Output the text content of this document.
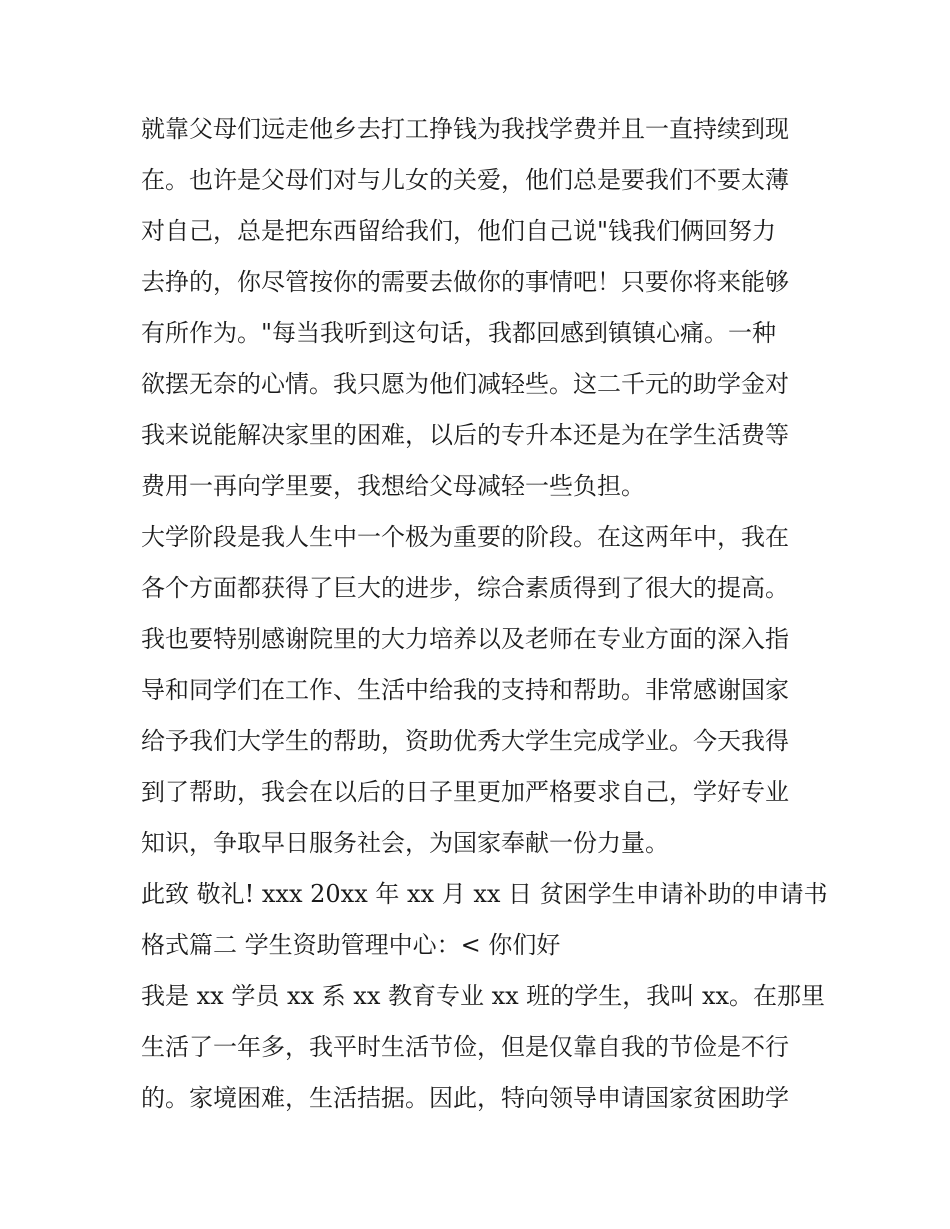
就靠父母们远走他乡去打工挣钱为我找学费并且一直持续到现
在。也许是父母们对与儿女的关爱，他们总是要我们不要太薄
对自己，总是把东西留给我们，他们自己说"钱我们俩回努力
去挣的，你尽管按你的需要去做你的事情吧！只要你将来能够
有所作为。"每当我听到这句话，我都回感到镇镇心痛。一种
欲摆无奈的心情。我只愿为他们减轻些。这二千元的助学金对
我来说能解决家里的困难，以后的专升本还是为在学生活费等
费用一再向学里要，我想给父母减轻一些负担。
大学阶段是我人生中一个极为重要的阶段。在这两年中，我在
各个方面都获得了巨大的进步，综合素质得到了很大的提高。
我也要特别感谢院里的大力培养以及老师在专业方面的深入指
导和同学们在工作、生活中给我的支持和帮助。非常感谢国家
给予我们大学生的帮助，资助优秀大学生完成学业。今天我得
到了帮助，我会在以后的日子里更加严格要求自己，学好专业
知识，争取早日服务社会，为国家奉献一份力量。
此致 敬礼! xxx 20xx 年 xx 月 xx 日 贫困学生申请补助的申请书
格式篇二 学生资助管理中心：< 你们好
我是 xx 学员 xx 系 xx 教育专业 xx 班的学生，我叫 xx。在那里
生活了一年多，我平时生活节俭，但是仅靠自我的节俭是不行
的。家境困难，生活拮据。因此，特向领导申请国家贫困助学
